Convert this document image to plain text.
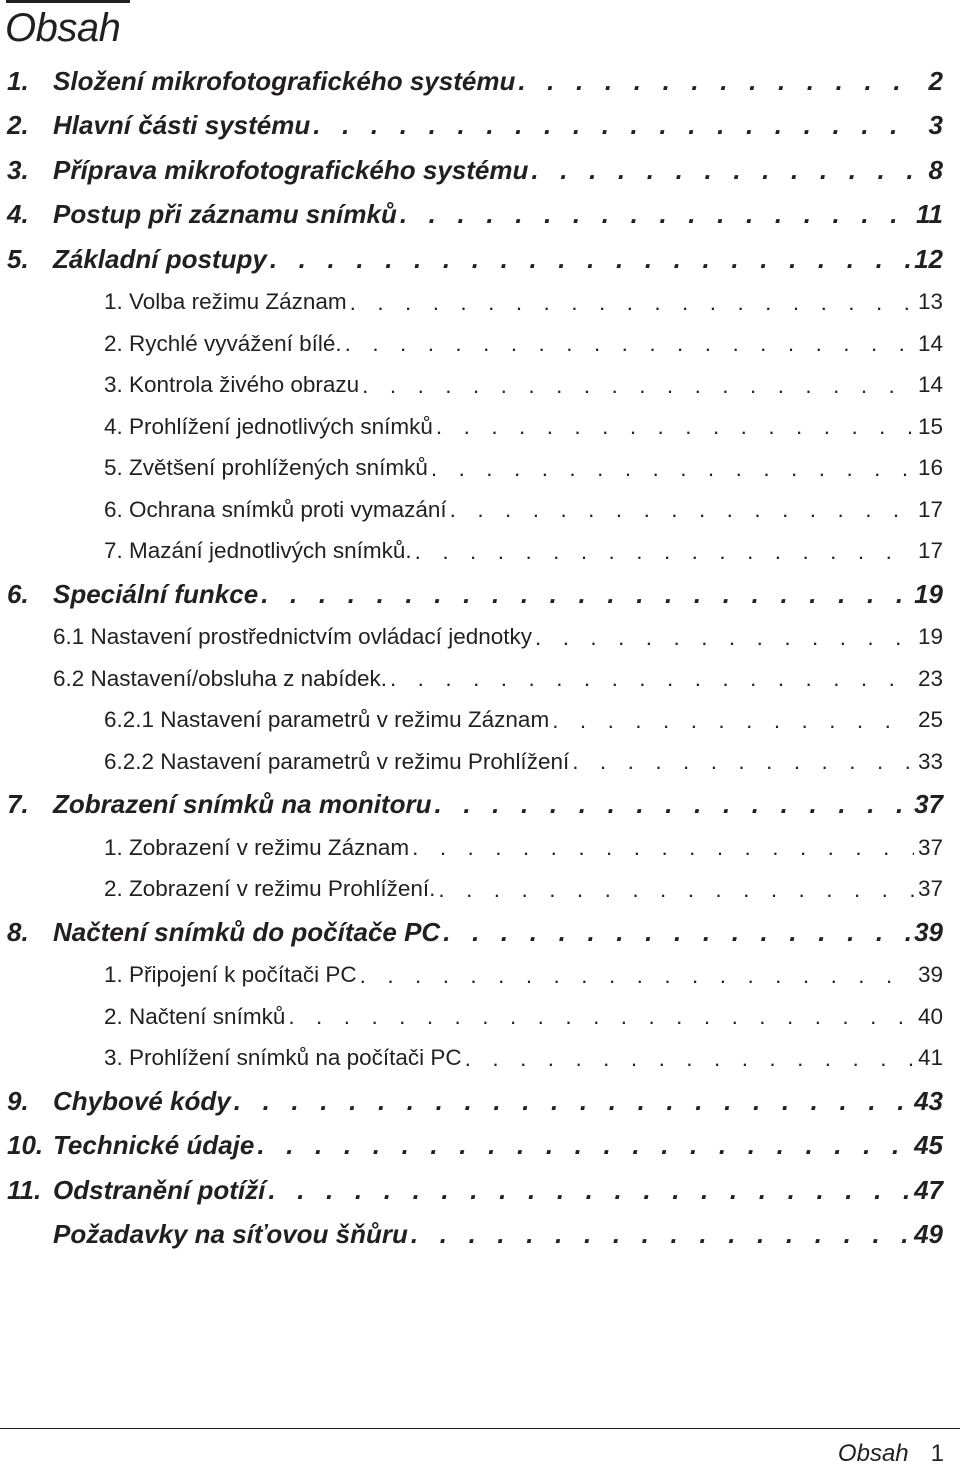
Obsah
1. Složení mikrofotografického systému . . .	2
2. Hlavní části systému . . .	3
3. Příprava mikrofotografického systému . . .	8
4. Postup při záznamu snímků . . .	11
5. Základní postupy . . .	12
1. Volba režimu Záznam . . .	13
2. Rychlé vyvážení bílé. . . .	14
3. Kontrola živého obrazu . . .	14
4. Prohlížení jednotlivých snímků . . .	15
5. Zvětšení prohlížených snímků . . .	16
6. Ochrana snímků proti vymazání . . .	17
7. Mazání jednotlivých snímků. . . .	17
6. Speciální funkce . . .	19
6.1 Nastavení prostřednictvím ovládací jednotky . . .	19
6.2 Nastavení/obsluha z nabídek. . . .	23
6.2.1 Nastavení parametrů v režimu Záznam . . .	25
6.2.2 Nastavení parametrů v režimu Prohlížení . . .	33
7. Zobrazení snímků na monitoru . . .	37
1. Zobrazení v režimu Záznam . . .	37
2. Zobrazení v režimu Prohlížení. . . .	37
8. Načtení snímků do počítače PC . . .	39
1. Připojení k počítači PC . . .	39
2. Načtení snímků . . .	40
3. Prohlížení snímků na počítači PC . . .	41
9. Chybové kódy . . .	43
10. Technické údaje . . .	45
11. Odstranění potíží . . .	47
Požadavky na síťovou šňůru . . .	49
Obsah 1
